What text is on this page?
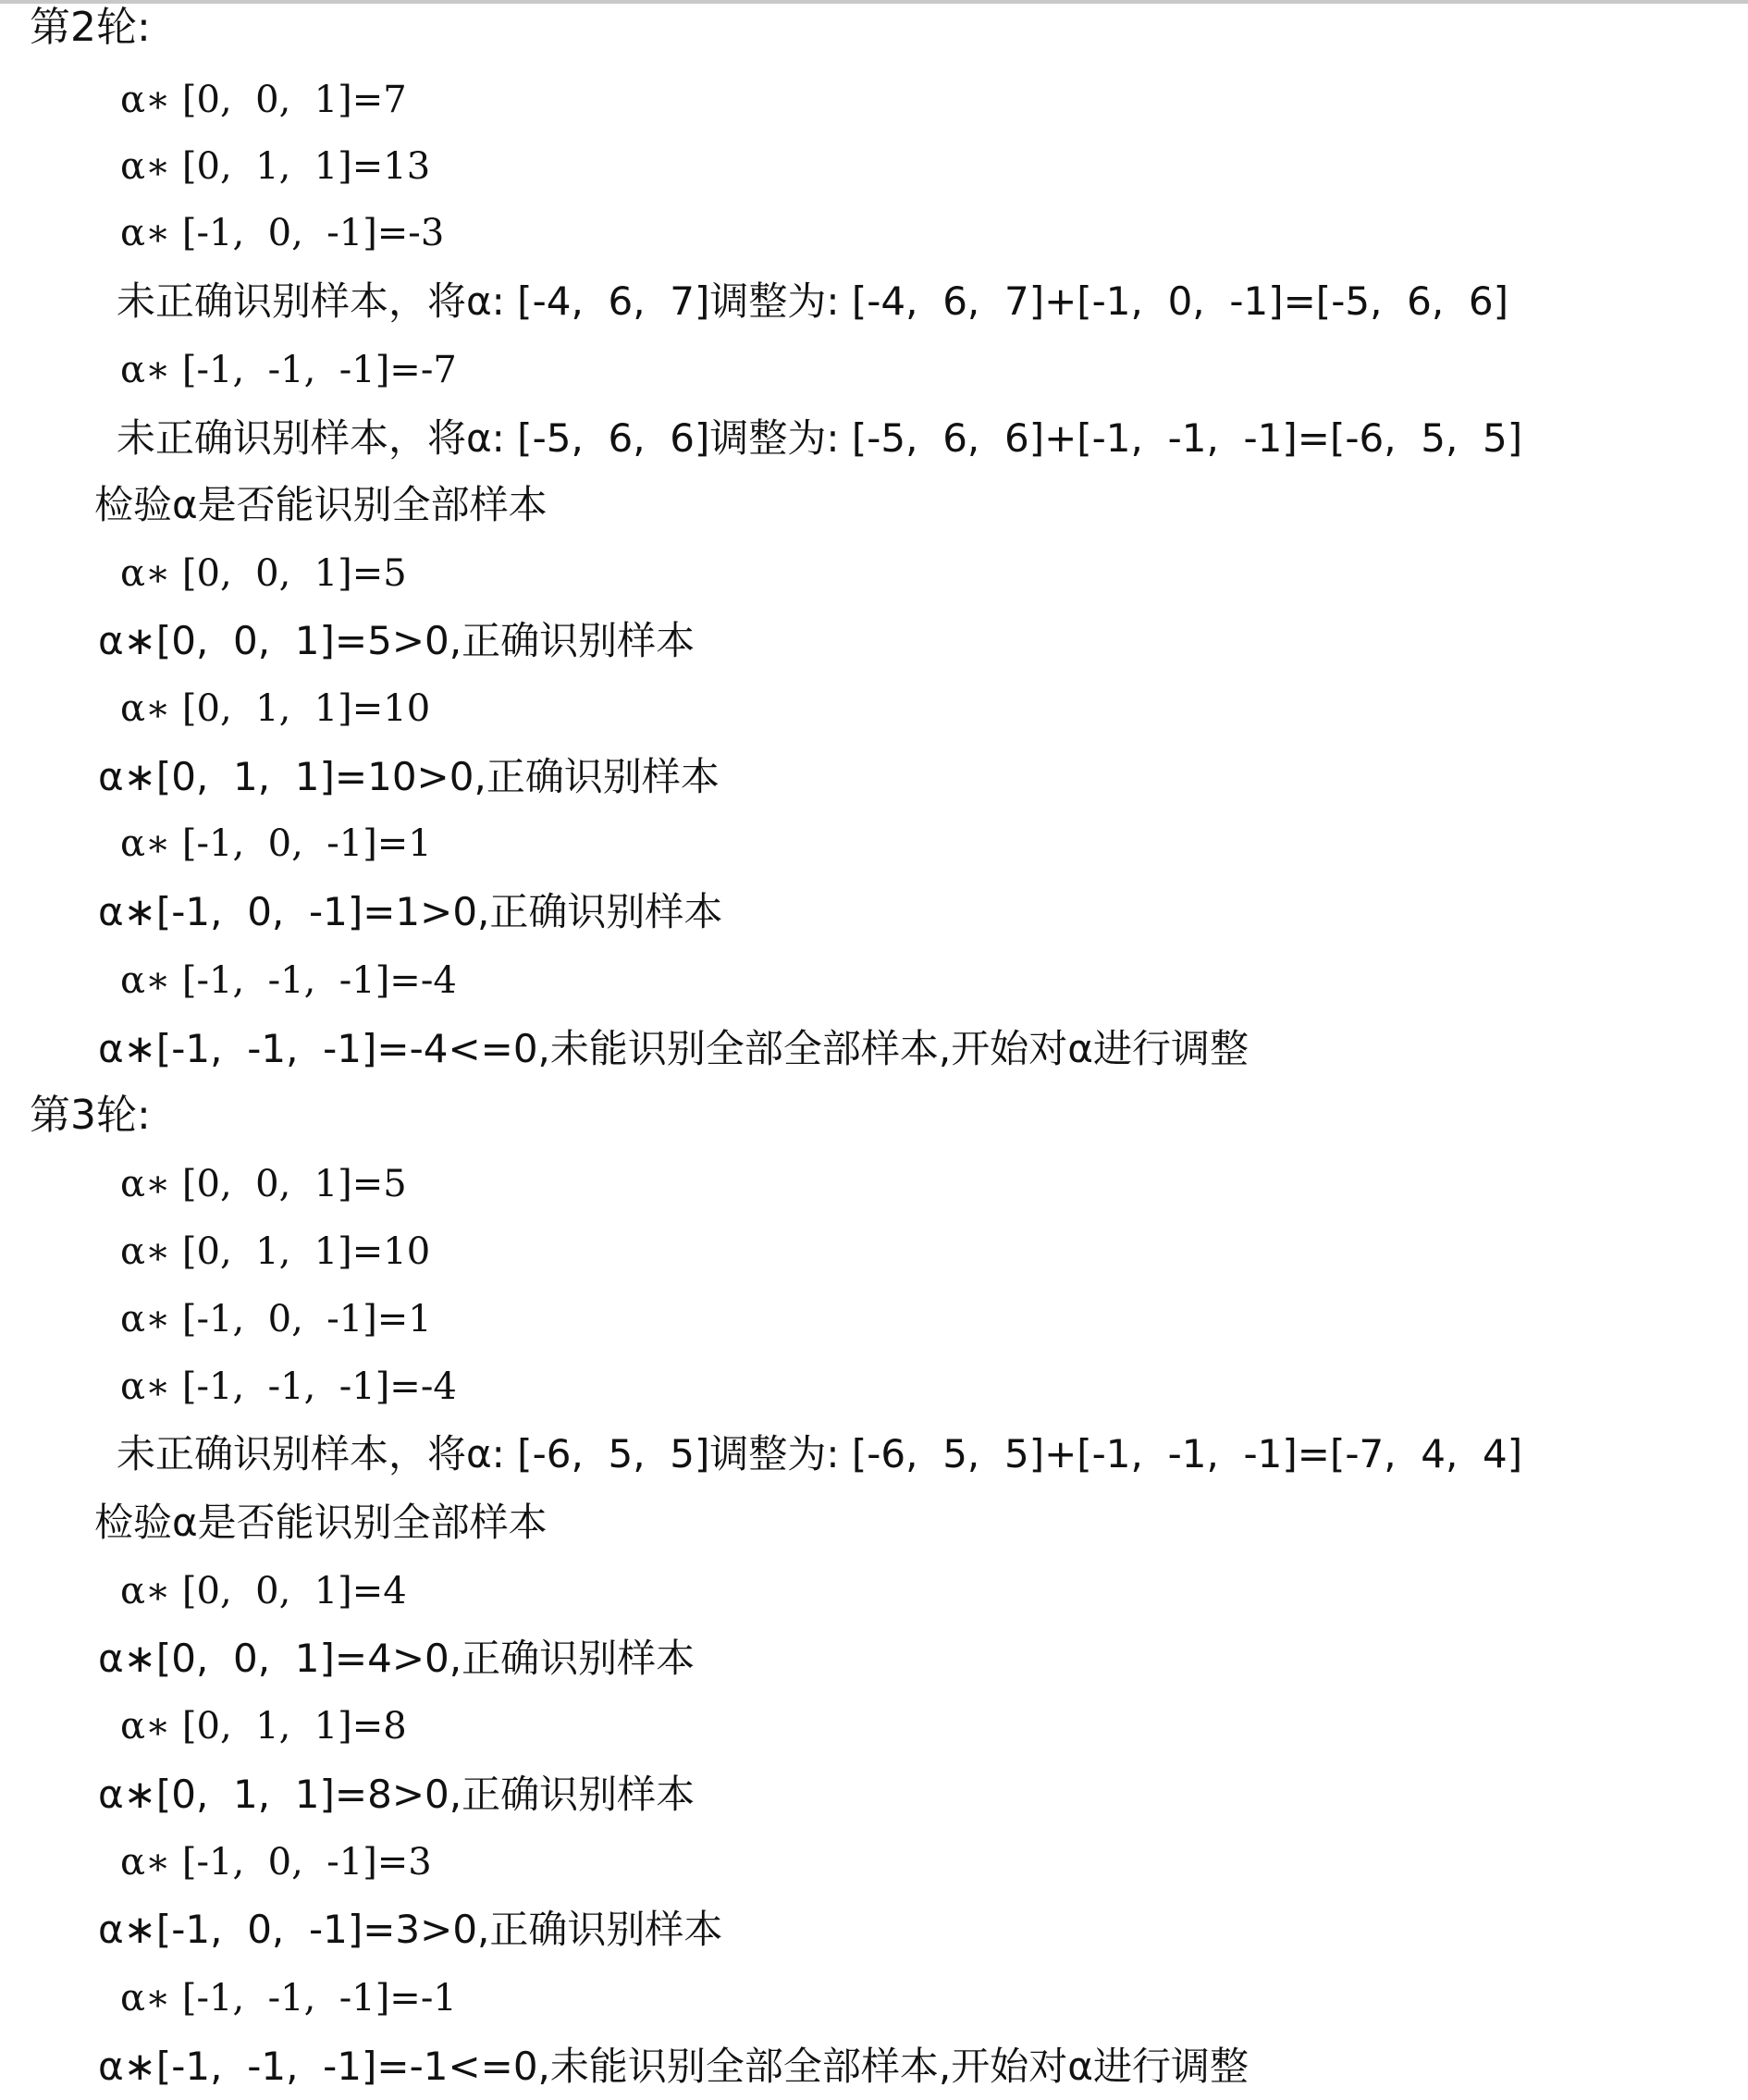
第2轮:
α∗ [0,  0,  1]=7
α∗ [0,  1,  1]=13
α∗ [-1,  0,  -1]=-3
未正确识别样本，将α: [-4,  6,  7]调整为: [-4,  6,  7]+[-1,  0,  -1]=[-5,  6,  6]
α∗ [-1,  -1,  -1]=-7
未正确识别样本，将α: [-5,  6,  6]调整为: [-5,  6,  6]+[-1,  -1,  -1]=[-6,  5,  5]
检验α是否能识别全部样本
α∗ [0,  0,  1]=5
α∗[0,  0,  1]=5>0,正确识别样本
α∗ [0,  1,  1]=10
α∗[0,  1,  1]=10>0,正确识别样本
α∗ [-1,  0,  -1]=1
α∗[-1,  0,  -1]=1>0,正确识别样本
α∗ [-1,  -1,  -1]=-4
α∗[-1,  -1,  -1]=-4<=0,未能识别全部全部样本,开始对α进行调整
第3轮:
α∗ [0,  0,  1]=5
α∗ [0,  1,  1]=10
α∗ [-1,  0,  -1]=1
α∗ [-1,  -1,  -1]=-4
未正确识别样本，将α: [-6,  5,  5]调整为: [-6,  5,  5]+[-1,  -1,  -1]=[-7,  4,  4]
检验α是否能识别全部样本
α∗ [0,  0,  1]=4
α∗[0,  0,  1]=4>0,正确识别样本
α∗ [0,  1,  1]=8
α∗[0,  1,  1]=8>0,正确识别样本
α∗ [-1,  0,  -1]=3
α∗[-1,  0,  -1]=3>0,正确识别样本
α∗ [-1,  -1,  -1]=-1
α∗[-1,  -1,  -1]=-1<=0,未能识别全部全部样本,开始对α进行调整
